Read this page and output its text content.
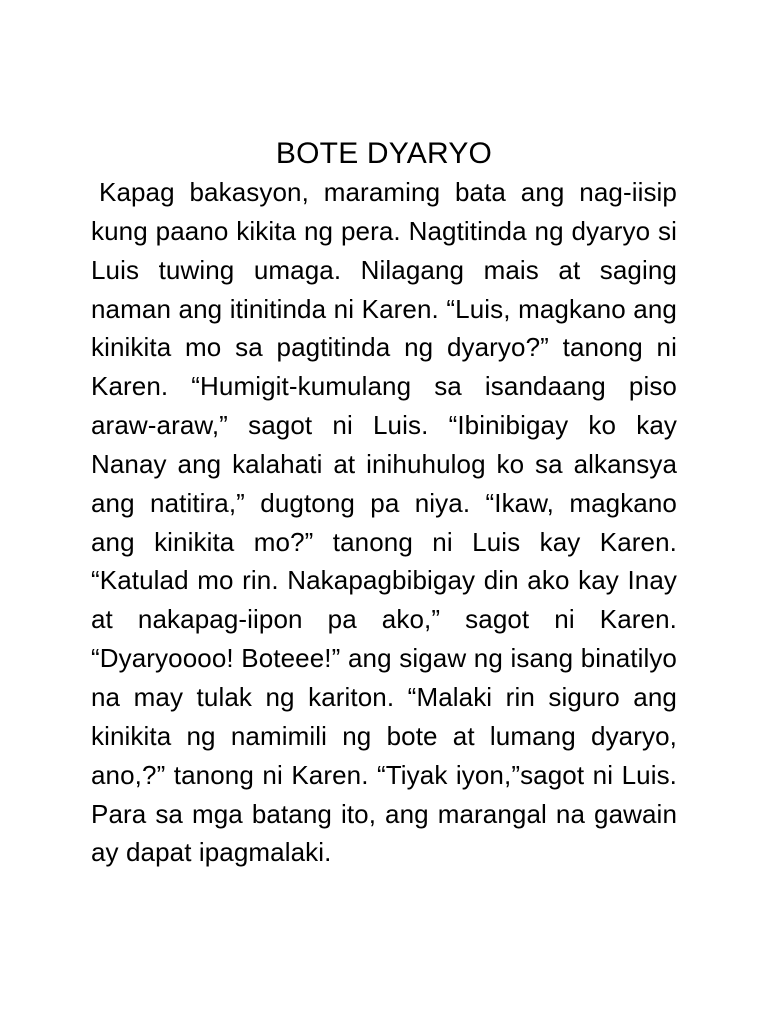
BOTE DYARYO

Kapag bakasyon, maraming bata ang nag-iisip kung paano kikita ng pera. Nagtitinda ng dyaryo si Luis tuwing umaga. Nilagang mais at saging naman ang itinitinda ni Karen. “Luis, magkano ang kinikita mo sa pagtitinda ng dyaryo?” tanong ni Karen. “Humigit-kumulang sa isandaang piso araw-araw,” sagot ni Luis. “Ibinibigay ko kay Nanay ang kalahati at inihuhulog ko sa alkansya ang natitira,” dugtong pa niya. “Ikaw, magkano ang kinikita mo?” tanong ni Luis kay Karen. “Katulad mo rin. Nakapagbibigay din ako kay Inay at nakapag-iipon pa ako,” sagot ni Karen. “Dyaryoooo! Boteee!” ang sigaw ng isang binatilyo na may tulak ng kariton. “Malaki rin siguro ang kinikita ng namimili ng bote at lumang dyaryo, ano,?” tanong ni Karen. “Tiyak iyon,”sagot ni Luis. Para sa mga batang ito, ang marangal na gawain ay dapat ipagmalaki.
